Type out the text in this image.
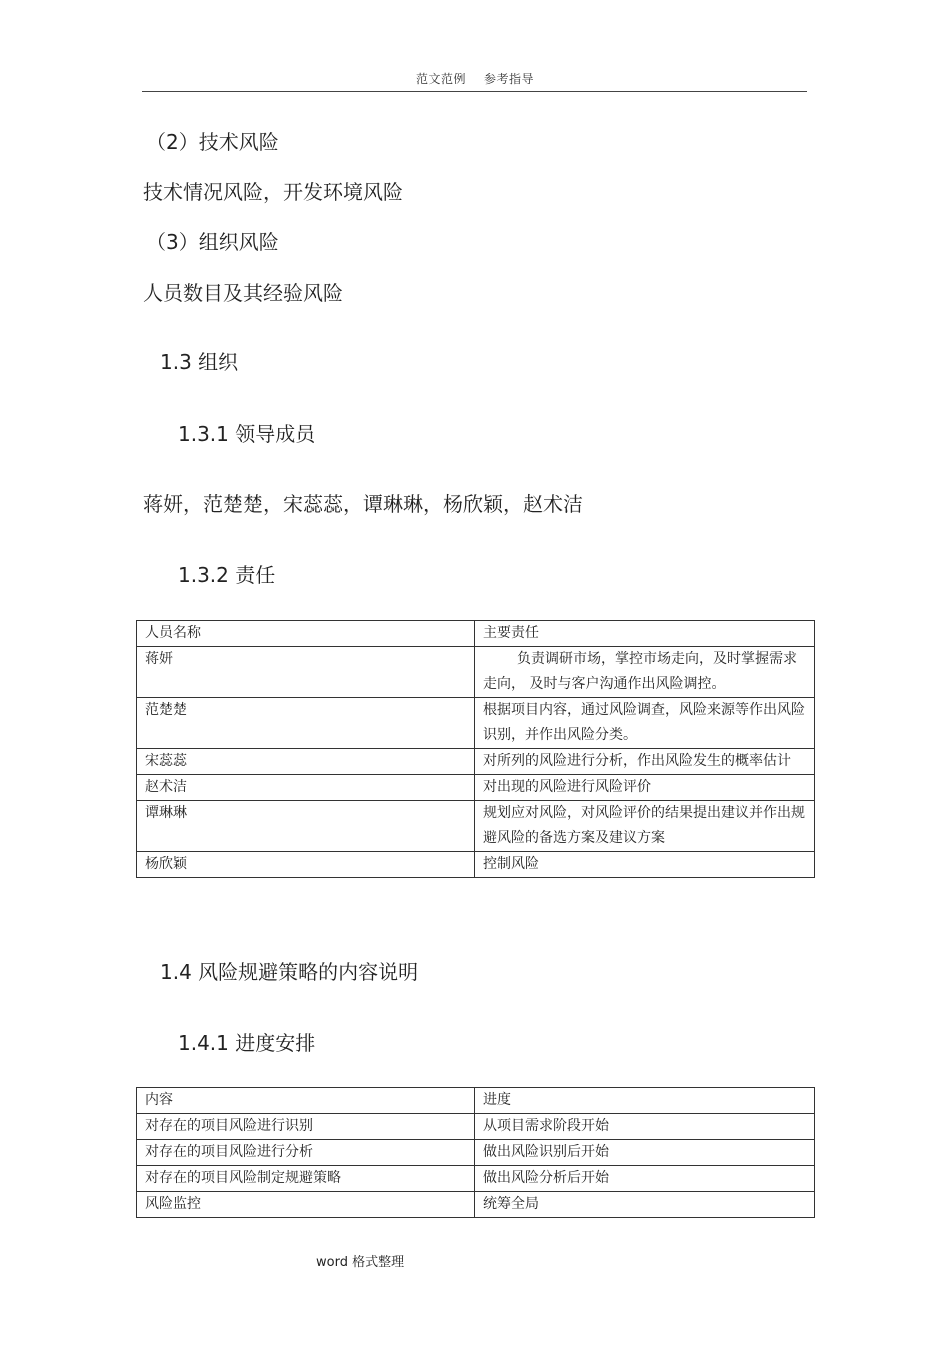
范文范例 参考指导
（2）技术风险
技术情况风险，开发环境风险
（3）组织风险
人员数目及其经验风险
1.3 组织
1.3.1 领导成员
蒋妍，范楚楚，宋蕊蕊，谭琳琳，杨欣颖，赵术洁
1.3.2 责任
人员名称	主要责任
蒋妍	负责调研市场，掌控市场走向，及时掌握需求走向， 及时与客户沟通作出风险调控。
范楚楚	根据项目内容，通过风险调查，风险来源等作出风险识别，并作出风险分类。
宋蕊蕊	对所列的风险进行分析，作出风险发生的概率估计
赵术洁	对出现的风险进行风险评价
谭琳琳	规划应对风险，对风险评价的结果提出建议并作出规避风险的备选方案及建议方案
杨欣颖	控制风险
1.4 风险规避策略的内容说明
1.4.1 进度安排
内容	进度
对存在的项目风险进行识别	从项目需求阶段开始
对存在的项目风险进行分析	做出风险识别后开始
对存在的项目风险制定规避策略	做出风险分析后开始
风险监控	统筹全局
word 格式整理
